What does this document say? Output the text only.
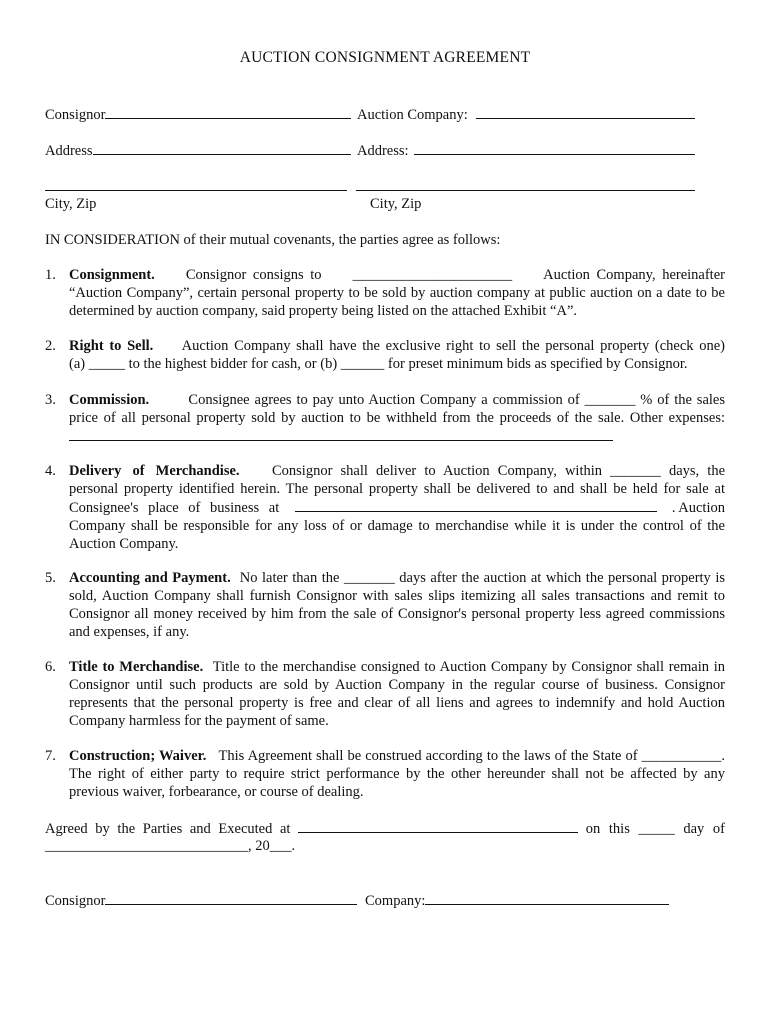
AUCTION CONSIGNMENT AGREEMENT
Consignor	Auction Company:
Address	Address:
City, Zip	City, Zip
IN CONSIDERATION of their mutual covenants, the parties agree as follows:
1. Consignment. Consignor consigns to ______________________ Auction Company, hereinafter

“Auction Company”, certain personal property to be sold by auction company at public auction on a date to be determined by auction company, said property being listed on the attached Exhibit “A”.

2. Right to Sell. Auction Company shall have the exclusive right to sell the personal property (check one)

(a) _____ to the highest bidder for cash, or (b) ______ for preset minimum bids as specified by Consignor.

3. Commission.	Consignee agrees to pay unto Auction Company a commission of _______ % of the sales

price of all personal property sold by auction to be withheld from the proceeds of the sale. Other expenses:

4. Delivery of Merchandise. Consignor shall deliver to Auction Company, within _______ days, the

personal property identified herein. The personal property shall be delivered to and shall be held for sale at

Consignee's place of business at	. Auction

Company shall be responsible for any loss of or damage to merchandise while it is under the control of the

Auction Company.

5. Accounting and Payment. No later than the _______ days after the auction at which the personal property is sold, Auction Company shall furnish Consignor with sales slips itemizing all sales transactions and remit to Consignor all money received by him from the sale of Consignor's personal property less agreed commissions and expenses, if any.

6. Title to Merchandise. Title to the merchandise consigned to Auction Company by Consignor shall remain in Consignor until such products are sold by Auction Company in the regular course of business. Consignor represents that the personal property is free and clear of all liens and agrees to indemnify and hold Auction Company harmless for the payment of same.

7. Construction; Waiver. This Agreement shall be construed according to the laws of the State of ___________. The right of either party to require strict performance by the other hereunder shall not be affected by any previous waiver, forbearance, or course of dealing.

Agreed by the Parties and Executed at	on this _____ day of
____________________________, 20___.
Consignor	Company:
